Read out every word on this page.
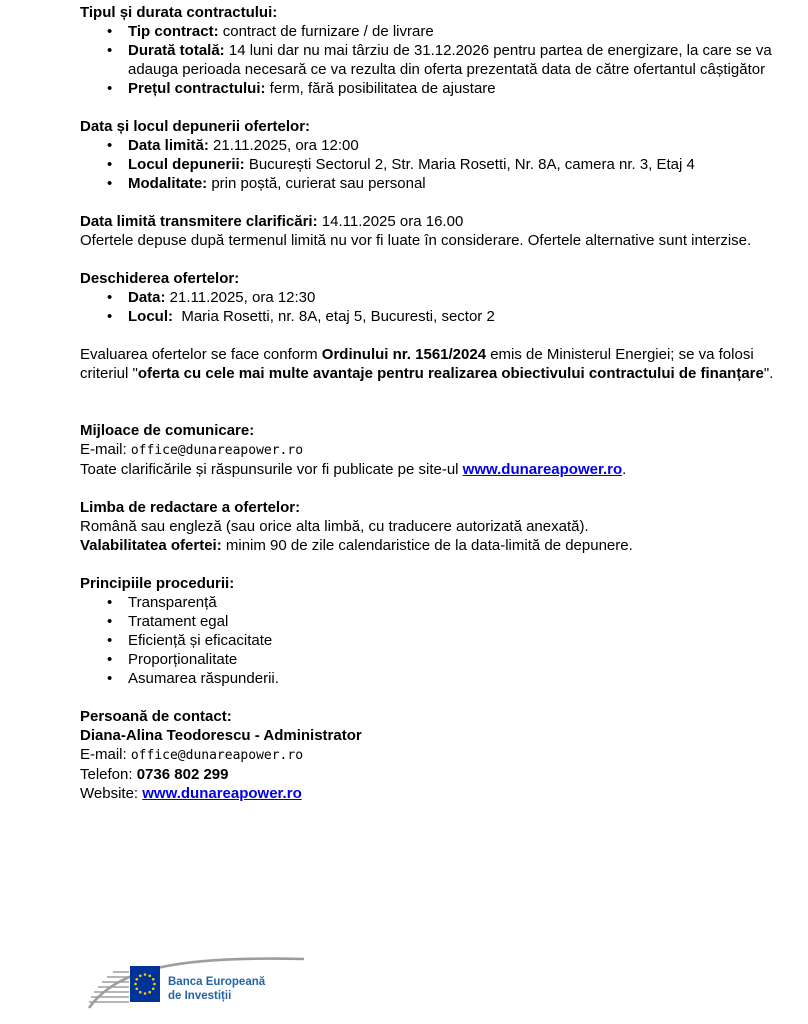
Tipul și durata contractului:
• Tip contract: contract de furnizare / de livrare
• Durată totală: 14 luni dar nu mai târziu de 31.12.2026 pentru partea de energizare, la care se va adauga perioada necesară ce va rezulta din oferta prezentată data de către ofertantul câștigător
• Prețul contractului: ferm, fără posibilitatea de ajustare
Data și locul depunerii ofertelor:
• Data limită: 21.11.2025, ora 12:00
• Locul depunerii: București Sectorul 2, Str. Maria Rosetti, Nr. 8A, camera nr. 3, Etaj 4
• Modalitate: prin poștă, curierat sau personal

Data limită transmitere clarificări: 14.11.2025 ora 16.00

Ofertele depuse după termenul limită nu vor fi luate în considerare. Ofertele alternative sunt interzise.

Deschiderea ofertelor:
• Data: 21.11.2025, ora 12:30
• Locul:  Maria Rosetti, nr. 8A, etaj 5, Bucuresti, sector 2

Evaluarea ofertelor se face conform Ordinului nr. 1561/2024 emis de Ministerul Energiei; se va folosi criteriul "oferta cu cele mai multe avantaje pentru realizarea obiectivului contractului de finanțare".

Mijloace de comunicare:

E-mail: office@dunareapower.ro

Toate clarificările și răspunsurile vor fi publicate pe site-ul www.dunareapower.ro.

Limba de redactare a ofertelor:

Română sau engleză (sau orice alta limbă, cu traducere autorizată anexată).

Valabilitatea ofertei: minim 90 de zile calendaristice de la data-limită de depunere.

Principiile procedurii:
• Transparență
• Tratament egal
• Eficiență și eficacitate
• Proporționalitate
• Asumarea răspunderii.
Persoană de contact:

Diana-Alina Teodorescu - Administrator

E-mail: office@dunareapower.ro

Telefon: 0736 802 299

Website: www.dunareapower.ro

Banca Europeană
de Investiții
